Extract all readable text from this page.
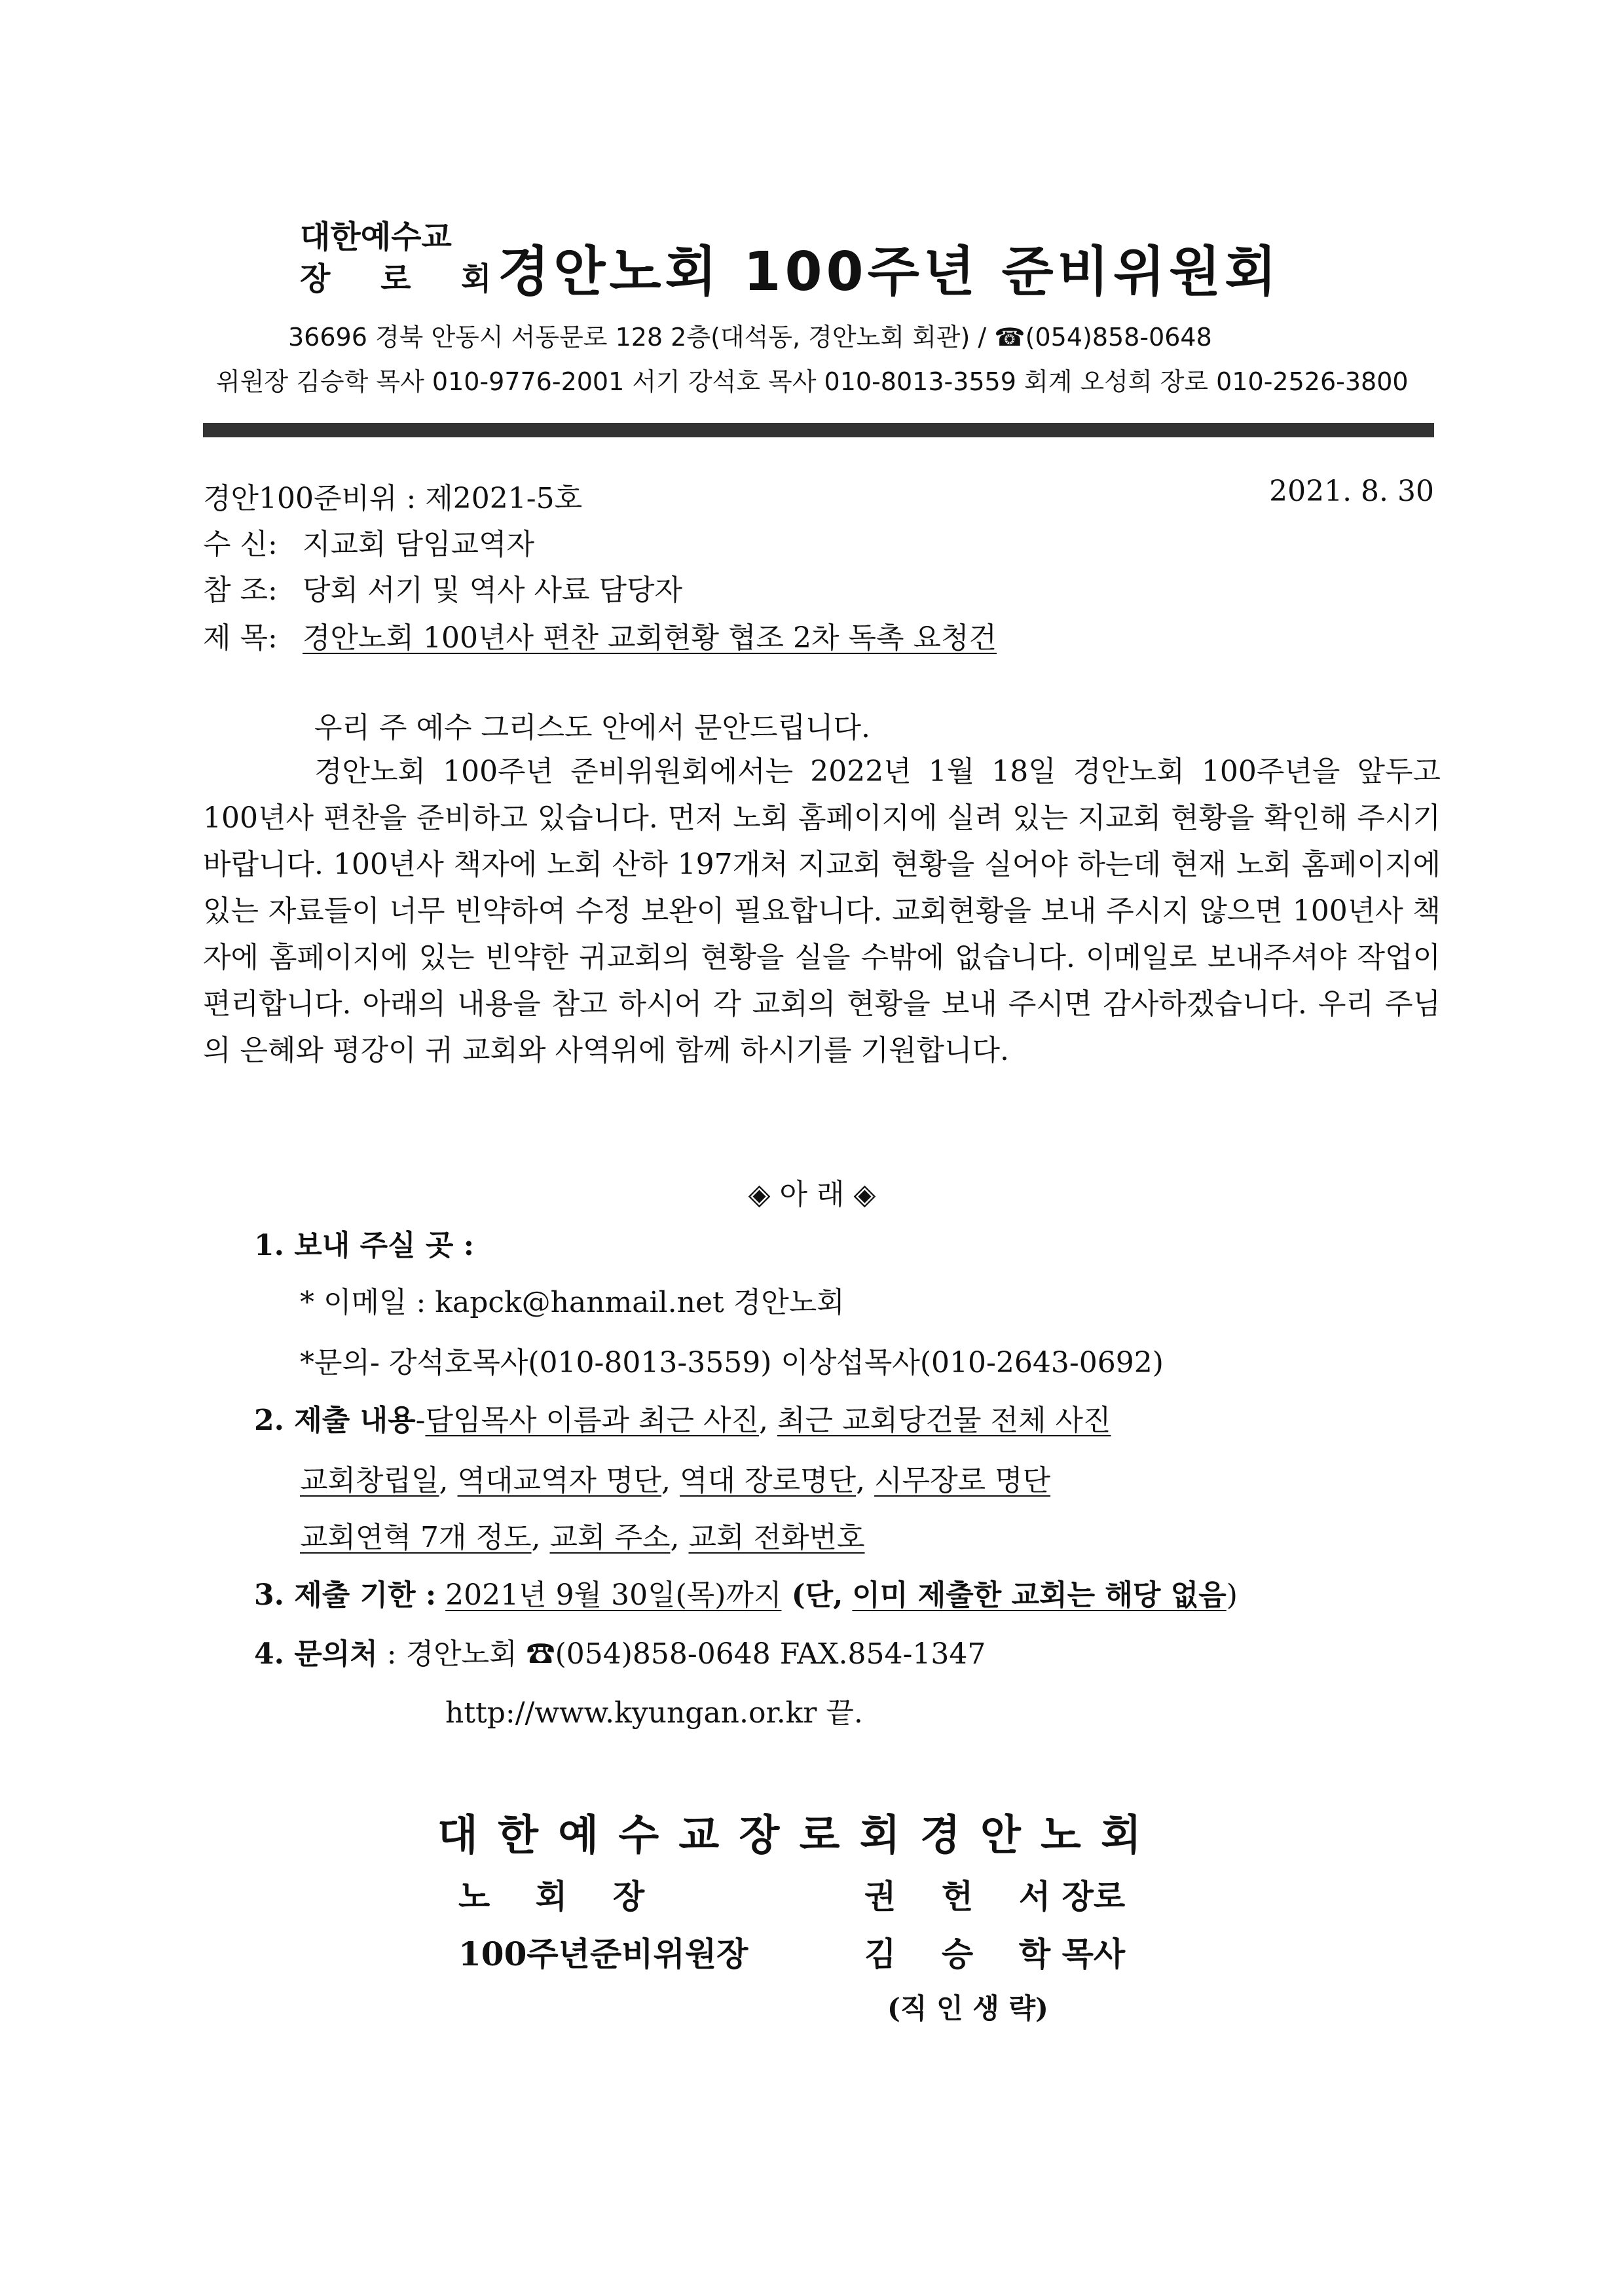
대한예수교
장 로 회
경안노회 100주년 준비위원회
36696 경북 안동시 서동문로 128 2층(대석동, 경안노회 회관) / ☎(054)858-0648
위원장 김승학 목사 010-9776-2001 서기 강석호 목사 010-8013-3559 회계 오성희 장로 010-2526-3800
경안100준비위 : 제2021-5호	2021. 8. 30
수 신: 지교회 담임교역자
참 조: 당회 서기 및 역사 사료 담당자
제 목: 경안노회 100년사 편찬 교회현황 협조 2차 독촉 요청건
우리 주 예수 그리스도 안에서 문안드립니다.
경안노회 100주년 준비위원회에서는 2022년 1월 18일 경안노회 100주년을 앞두고 100년사 편찬을 준비하고 있습니다. 먼저 노회 홈페이지에 실려 있는 지교회 현황을 확인해 주시기 바랍니다. 100년사 책자에 노회 산하 197개처 지교회 현황을 실어야 하는데 현재 노회 홈페이지에 있는 자료들이 너무 빈약하여 수정 보완이 필요합니다. 교회현황을 보내 주시지 않으면 100년사 책자에 홈페이지에 있는 빈약한 귀교회의 현황을 실을 수밖에 없습니다. 이메일로 보내주셔야 작업이 편리합니다. 아래의 내용을 참고 하시어 각 교회의 현황을 보내 주시면 감사하겠습니다. 우리 주님의 은혜와 평강이 귀 교회와 사역위에 함께 하시기를 기원합니다.
◈ 아 래 ◈
1. 보내 주실 곳 :
* 이메일 : kapck@hanmail.net 경안노회
*문의- 강석호목사(010-8013-3559) 이상섭목사(010-2643-0692)
2. 제출 내용-담임목사 이름과 최근 사진, 최근 교회당건물 전체 사진
교회창립일, 역대교역자 명단, 역대 장로명단, 시무장로 명단
교회연혁 7개 정도, 교회 주소, 교회 전화번호
3. 제출 기한 : 2021년 9월 30일(목)까지 (단, 이미 제출한 교회는 해당 없음)
4. 문의처 : 경안노회 ☎(054)858-0648 FAX.854-1347
http://www.kyungan.or.kr 끝.
대 한 예 수 교 장 로 회 경 안 노 회
노    회    장	권    헌    서 장로
100주년준비위원장	김    승    학 목사
(직 인 생 략)
